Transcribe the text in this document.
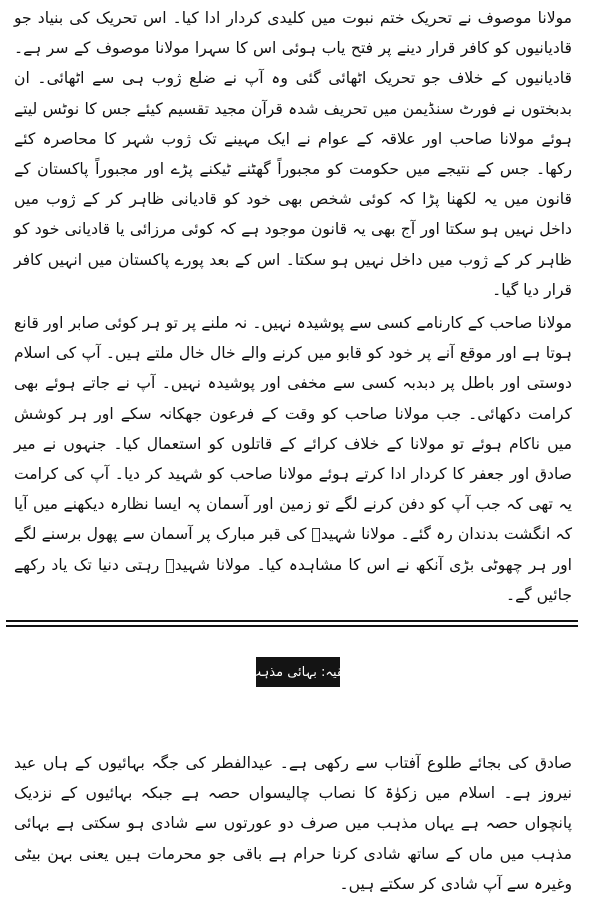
مولانا موصوف نے تحریک ختم نبوت میں کلیدی کردار ادا کیا۔ اس تحریک کی بنیاد جو قادیانیوں کو کافر قرار دینے پر فتح یاب ہوئی اس کا سہرا مولانا موصوف کے سر ہے۔ قادیانیوں کے خلاف جو تحریک اٹھائی گئی وہ آپ نے ضلع ژوب ہی سے اٹھائی۔ ان بدبختوں نے فورٹ سنڈیمن میں تحریف شدہ قرآن مجید تقسیم کیئے جس کا نوٹس لیتے ہوئے مولانا صاحب اور علاقہ کے عوام نے ایک مہینے تک ژوب شہر کا محاصرہ کئے رکھا۔ جس کے نتیجے میں حکومت کو مجبوراً گھٹنے ٹیکنے پڑے اور مجبوراً پاکستان کے قانون میں یہ لکھنا پڑا کہ کوئی شخص بھی خود کو قادیانی ظاہر کر کے ژوب میں داخل نہیں ہو سکتا اور آج بھی یہ قانون موجود ہے کہ کوئی مرزائی یا قادیانی خود کو ظاہر کر کے ژوب میں داخل نہیں ہو سکتا۔ اس کے بعد پورے پاکستان میں انہیں کافر قرار دیا گیا۔

مولانا صاحب کے کارنامے کسی سے پوشیدہ نہیں۔ نہ ملنے پر تو ہر کوئی صابر اور قانع ہوتا ہے اور موقع آنے پر خود کو قابو میں کرنے والے خال خال ملتے ہیں۔ آپ کی اسلام دوستی اور باطل پر دبدبہ کسی سے مخفی اور پوشیدہ نہیں۔ آپ نے جاتے ہوئے بھی کرامت دکھائی۔ جب مولانا صاحب کو وقت کے فرعون جھکانہ سکے اور ہر کوشش میں ناکام ہوئے تو مولانا کے خلاف کرائے کے قاتلوں کو استعمال کیا۔ جنہوں نے میر صادق اور جعفر کا کردار ادا کرتے ہوئے مولانا صاحب کو شہید کر دیا۔ آپ کی کرامت یہ تھی کہ جب آپ کو دفن کرنے لگے تو زمین اور آسمان پہ ایسا نظارہ دیکھنے میں آیا کہ انگشت بدندان رہ گئے۔ مولانا شہیدؒ کی قبر مبارک پر آسمان سے پھول برسنے لگے اور ہر چھوٹی بڑی آنکھ نے اس کا مشاہدہ کیا۔ مولانا شہیدؒ رہتی دنیا تک یاد رکھے جائیں گے۔

بقیہ: بہائی مذہب

صادق کی بجائے طلوع آفتاب سے رکھی ہے۔ عیدالفطر کی جگہ بہائیوں کے ہاں عید نیروز ہے۔ اسلام میں زکوٰۃ کا نصاب چالیسواں حصہ ہے جبکہ بہائیوں کے نزدیک پانچواں حصہ ہے یہاں مذہب میں صرف دو عورتوں سے شادی ہو سکتی ہے بہائی مذہب میں ماں کے ساتھ شادی کرنا حرام ہے باقی جو محرمات ہیں یعنی بہن بیٹی وغیرہ سے آپ شادی کر سکتے ہیں۔
